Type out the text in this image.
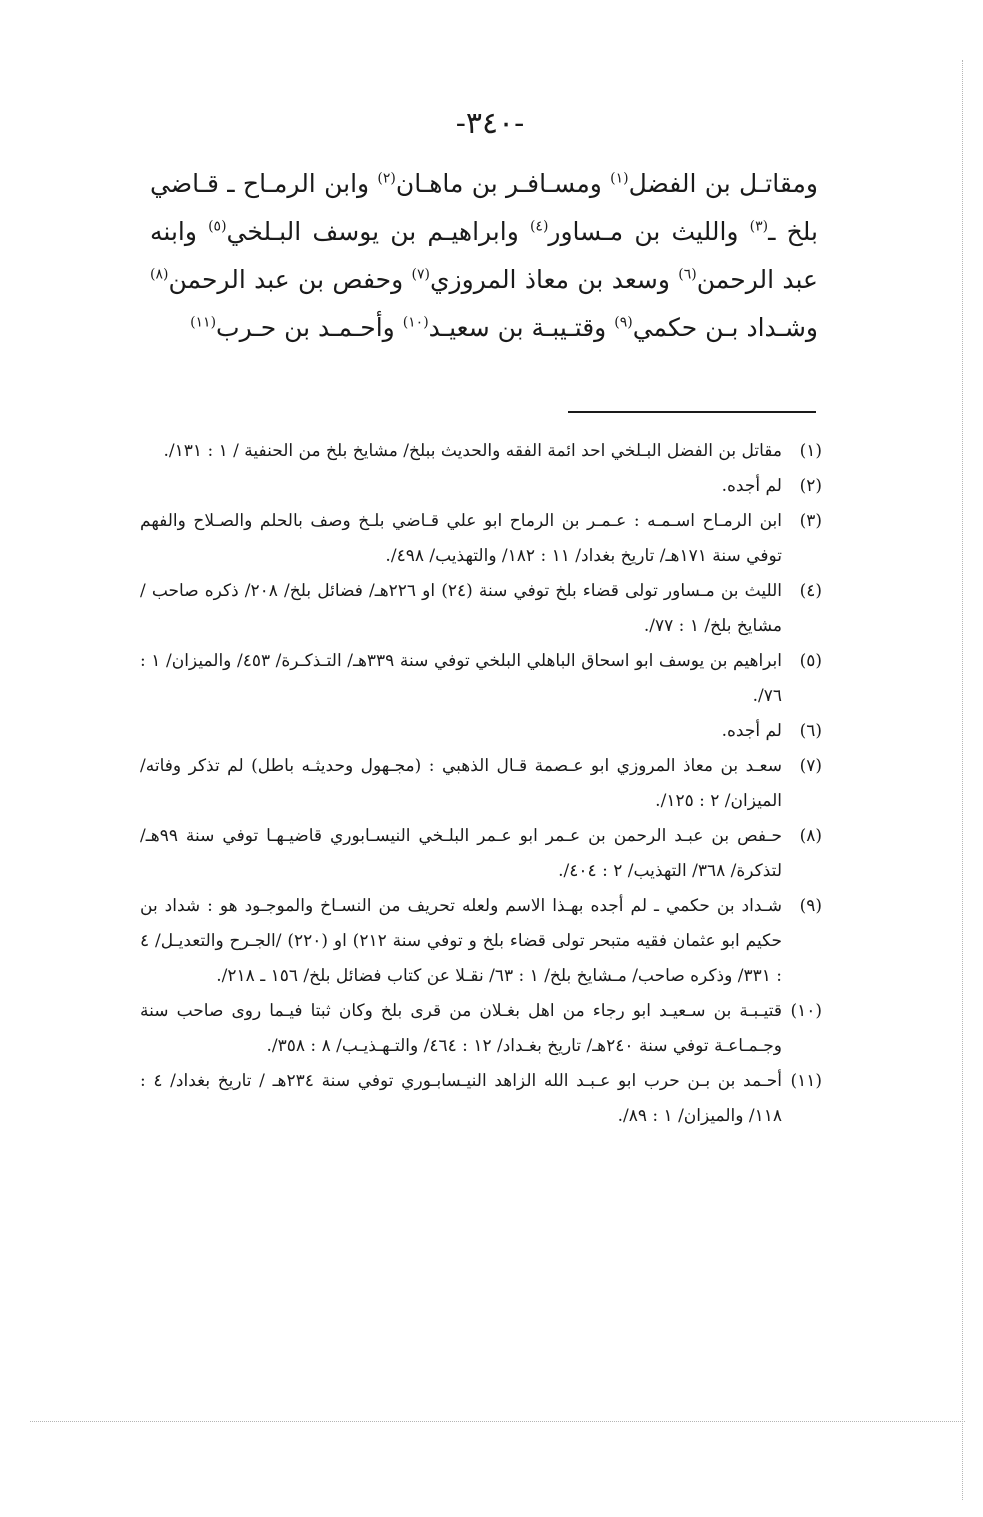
-٣٤٠-
ومقاتـل بن الفضل$^{(١)}$ ومسـافـر بن ماهـان$^{(٢)}$ وابن الرمـاح ـ قـاضي بلخ ـ$^{(٣)}$ والليث بن مـساور$^{(٤)}$ وابراهيـم بن يوسف البـلخي$^{(٥)}$ وابنه عبد الرحمن$^{(٦)}$ وسعد بن معاذ المروزي$^{(٧)}$ وحفص بن عبد الرحمن$^{(٨)}$ وشـداد بـن حكمي$^{(٩)}$ وقتـيبـة بن سعيـد$^{(١٠)}$ وأحـمـد بن حـرب$^{(١١)}$
(١)
مقاتل بن الفضل البـلخي احد ائمة الفقه والحديث ببلخ/ مشايخ بلخ من الحنفية / ١ : ١٣١/.
(٢)
لم أجده.
(٣)
ابن الرمـاح اسـمـه : عـمـر بن الرماح ابو علي قـاضي بلـخ وصف بالحلم والصـلاح والفهم توفي سنة ١٧١هـ/ تاريخ بغداد/ ١١ : ١٨٢/ والتهذيب/ ٤٩٨/.
(٤)
الليث بن مـساور تولى قضاء بلخ توفي سنة (٢٤) او ٢٢٦هـ/ فضائل بلخ/ ٢٠٨/ ذكره صاحب / مشايخ بلخ/ ١ : ٧٧/.
(٥)
ابراهيم بن يوسف ابو اسحاق الباهلي البلخي توفي سنة ٣٣٩هـ/ التـذكـرة/ ٤٥٣/ والميزان/ ١ : ٧٦/.
(٦)
لم أجده.
(٧)
سعـد بن معاذ المروزي ابو عـصمة قـال الذهبي : (مجـهول وحديثـه باطل) لم تذكر وفاته/ الميزان/ ٢ : ١٢٥/.
(٨)
حـفص بن عبـد الرحمن بن عـمر ابو عـمر البلـخي النيسـابوري قاضيـهـا توفي سنة ٩٩هـ/ لتذكرة/ ٣٦٨/ التهذيب/ ٢ : ٤٠٤/.
(٩)
شـداد بن حكمي ـ لم أجده بهـذا الاسم ولعله تحريف من النسـاخ والموجـود هو : شداد بن حكيم ابو عثمان فقيه متبحر تولى قضاء بلخ و توفي سنة ٢١٢) او (٢٢٠) /الجـرح والتعديـل/ ٤ : ٣٣١/ وذكره صاحب/ مـشايخ بلخ/ ١ : ٦٣/ نقـلا عن كتاب فضائل بلخ/ ١٥٦ ـ ٢١٨/.
(١٠)
قتيـبـة بن سـعيـد ابو رجاء من اهل بغـلان من قرى بلخ وكان ثبتا فيـما روى صاحب سنة وجـمـاعـة توفي سنة ٢٤٠هـ/ تاريخ بغـداد/ ١٢ : ٤٦٤/ والتـهـذيـب/ ٨ : ٣٥٨/.
(١١)
أحـمد بن بـن حرب ابو عـبـد الله الزاهد النيـسابـوري توفي سنة ٢٣٤هـ / تاريخ بغداد/ ٤ : ١١٨/ والميزان/ ١ : ٨٩/.
